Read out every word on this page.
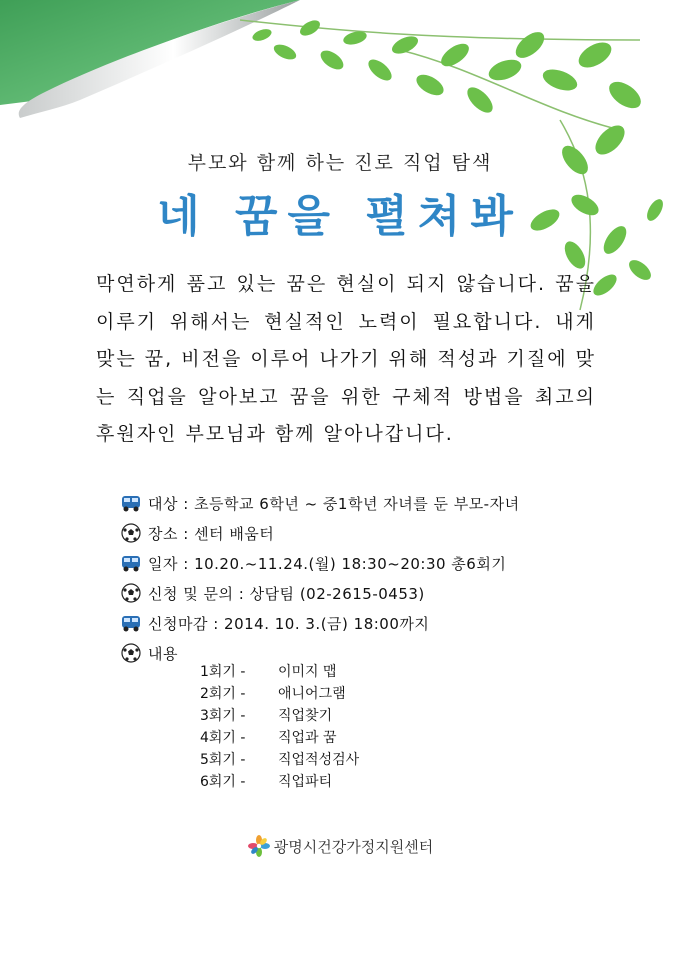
부모와 함께 하는 진로 직업 탐색
네 꿈을 펼쳐봐
막연하게 품고 있는 꿈은 현실이 되지 않습니다. 꿈을 이루기 위해서는 현실적인 노력이 필요합니다. 내게 맞는 꿈, 비전을 이루어 나가기 위해 적성과 기질에 맞는 직업을 알아보고 꿈을 위한 구체적 방법을 최고의 후원자인 부모님과 함께 알아나갑니다.
대상 : 초등학교 6학년 ~ 중1학년 자녀를 둔 부모-자녀
장소 : 센터 배움터
일자 : 10.20.~11.24.(월) 18:30~20:30 총6회기
신청 및 문의 : 상담팀 (02-2615-0453)
신청마감 : 2014. 10. 3.(금) 18:00까지
내용
1회기 -	이미지 맵
2회기 -	애니어그램
3회기 -	직업찾기
4회기 -	직업과 꿈
5회기 -	직업적성검사
6회기 -	직업파티
광명시건강가정지원센터
